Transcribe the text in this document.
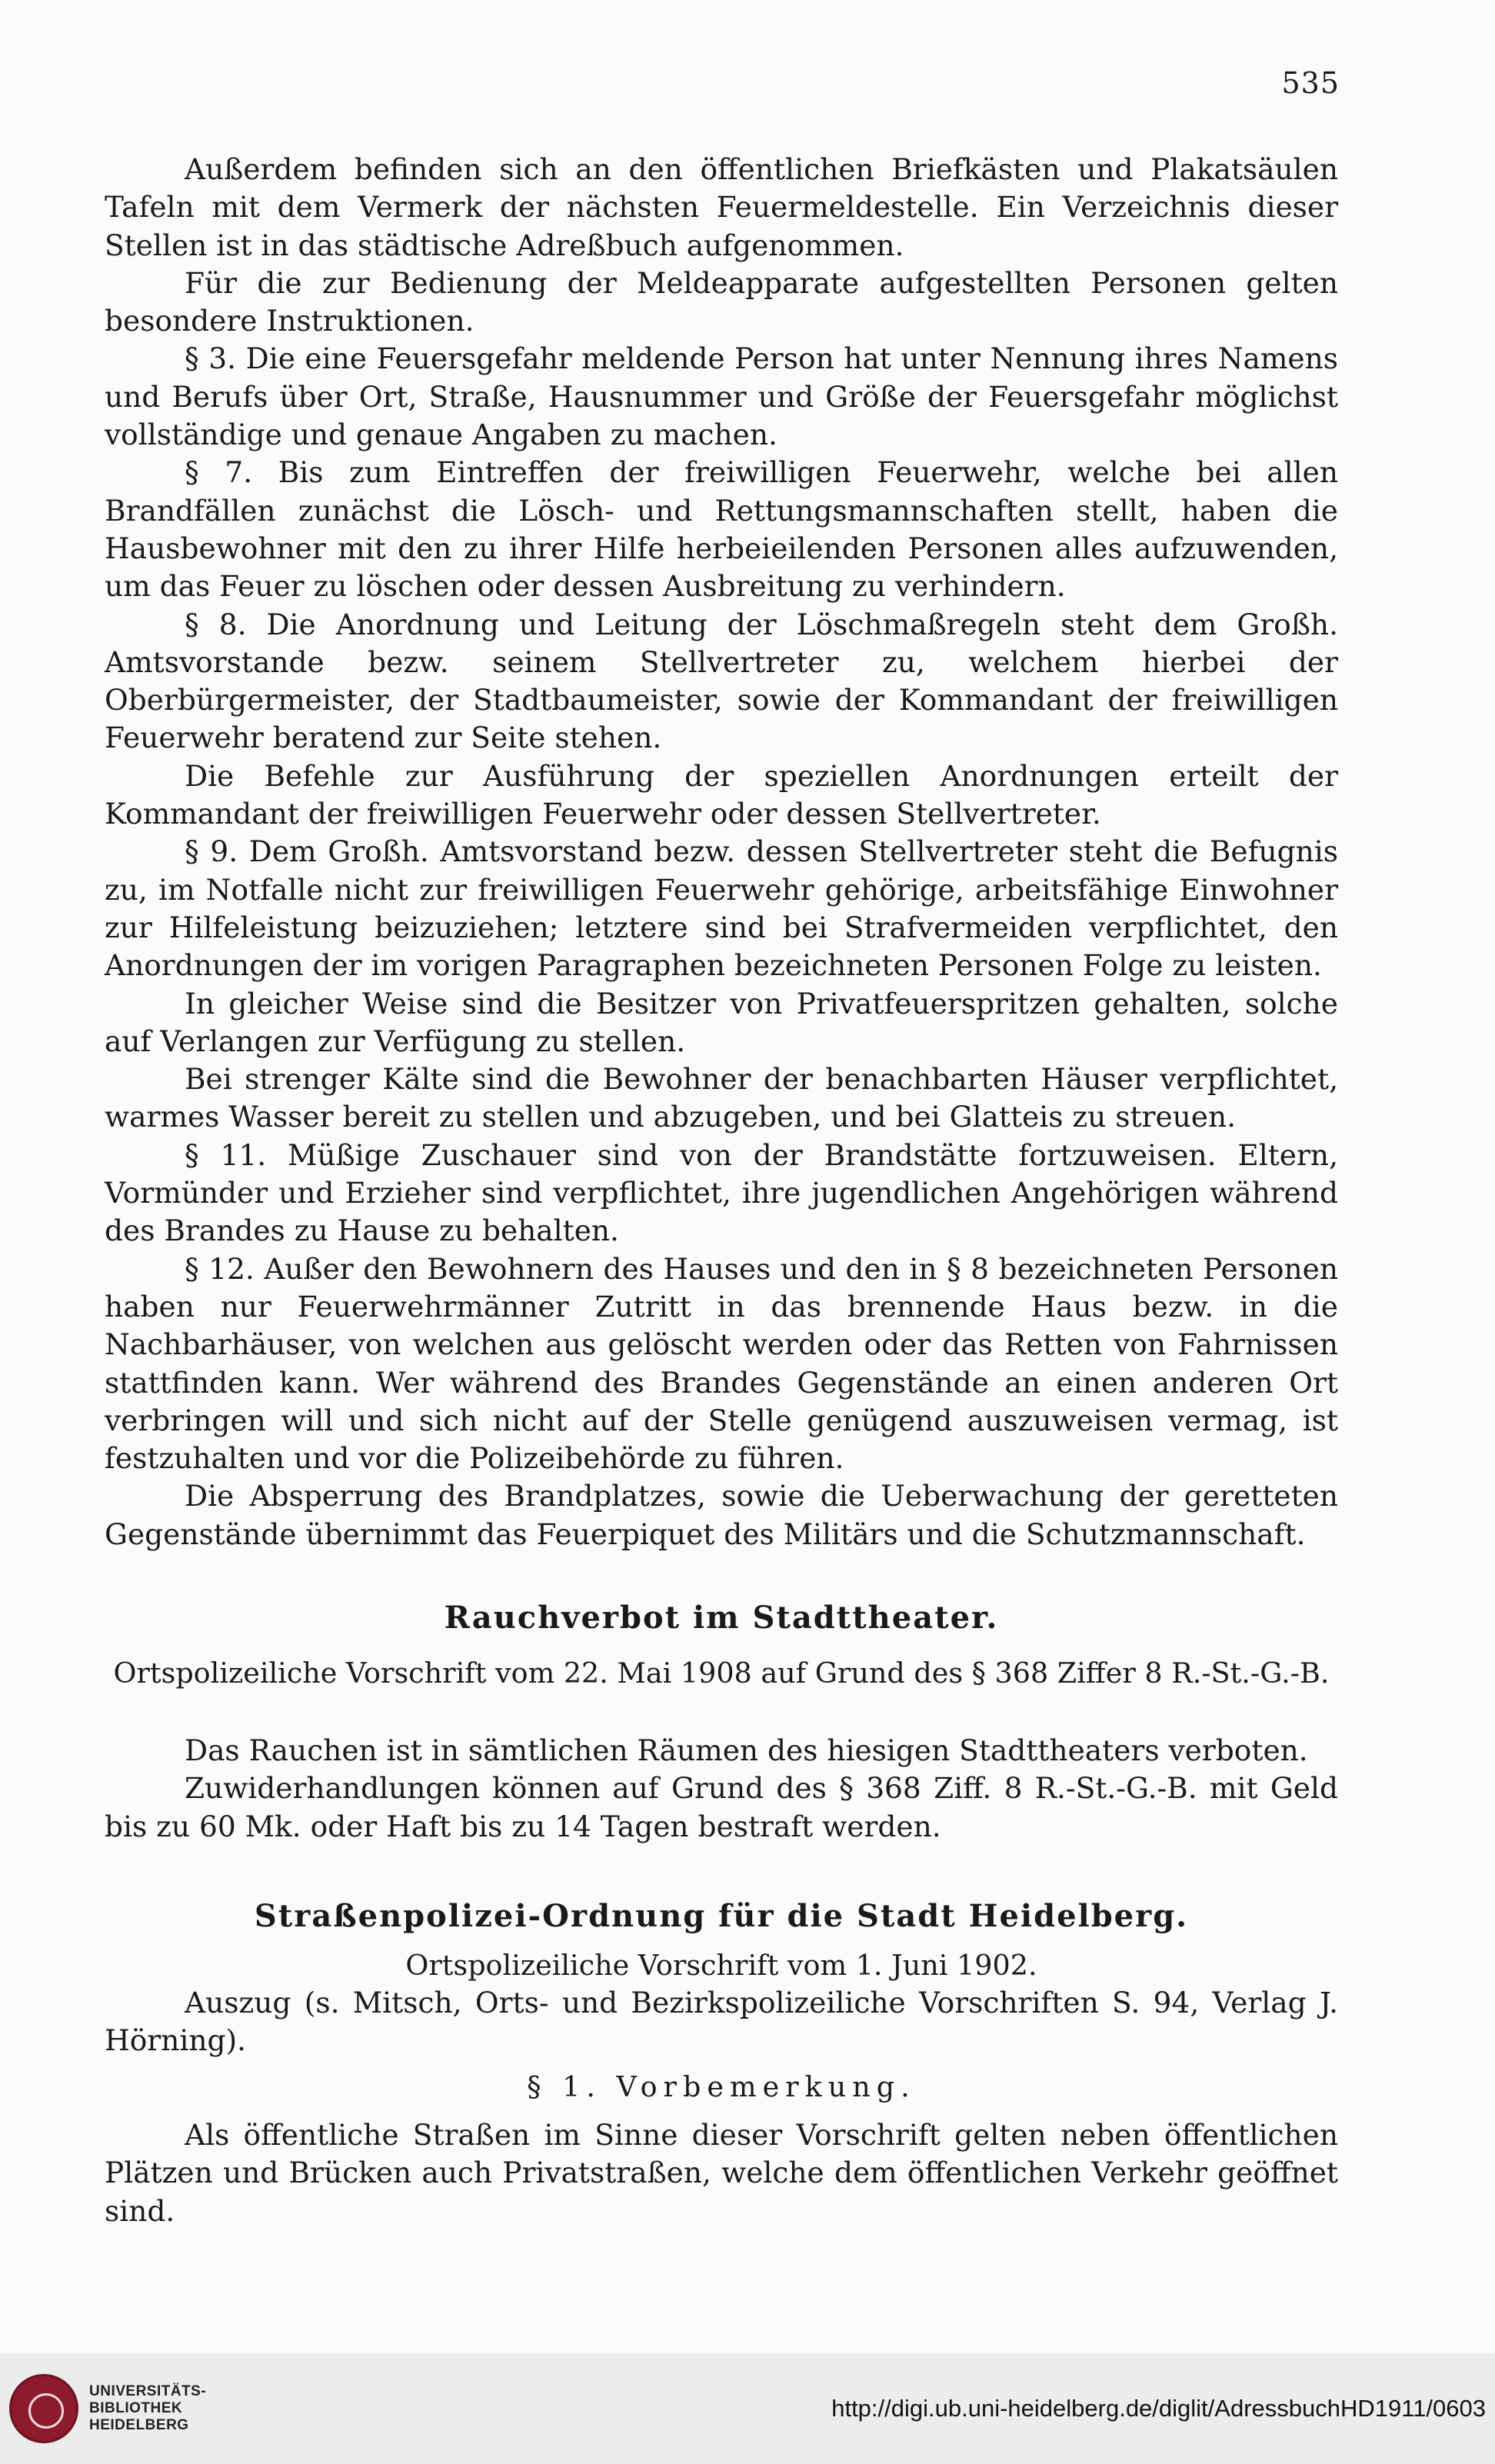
535

Außerdem befinden sich an den öffentlichen Briefkästen und Plakatsäulen Tafeln mit dem Vermerk der nächsten Feuermeldestelle. Ein Verzeichnis dieser Stellen ist in das städtische Adreßbuch aufgenommen.

Für die zur Bedienung der Meldeapparate aufgestellten Personen gelten besondere Instruktionen.

§ 3. Die eine Feuersgefahr meldende Person hat unter Nennung ihres Namens und Berufs über Ort, Straße, Hausnummer und Größe der Feuersgefahr möglichst vollständige und genaue Angaben zu machen.

§ 7. Bis zum Eintreffen der freiwilligen Feuerwehr, welche bei allen Brandfällen zunächst die Lösch- und Rettungsmannschaften stellt, haben die Hausbewohner mit den zu ihrer Hilfe herbeieilenden Personen alles aufzuwenden, um das Feuer zu löschen oder dessen Ausbreitung zu verhindern.

§ 8. Die Anordnung und Leitung der Löschmaßregeln steht dem Großh. Amtsvorstande bezw. seinem Stellvertreter zu, welchem hierbei der Oberbürgermeister, der Stadtbaumeister, sowie der Kommandant der freiwilligen Feuerwehr beratend zur Seite stehen.

Die Befehle zur Ausführung der speziellen Anordnungen erteilt der Kommandant der freiwilligen Feuerwehr oder dessen Stellvertreter.

§ 9. Dem Großh. Amtsvorstand bezw. dessen Stellvertreter steht die Befugnis zu, im Notfalle nicht zur freiwilligen Feuerwehr gehörige, arbeitsfähige Einwohner zur Hilfeleistung beizuziehen; letztere sind bei Strafvermeiden verpflichtet, den Anordnungen der im vorigen Paragraphen bezeichneten Personen Folge zu leisten.

In gleicher Weise sind die Besitzer von Privatfeuerspritzen gehalten, solche auf Verlangen zur Verfügung zu stellen.

Bei strenger Kälte sind die Bewohner der benachbarten Häuser verpflichtet, warmes Wasser bereit zu stellen und abzugeben, und bei Glatteis zu streuen.

§ 11. Müßige Zuschauer sind von der Brandstätte fortzuweisen. Eltern, Vormünder und Erzieher sind verpflichtet, ihre jugendlichen Angehörigen während des Brandes zu Hause zu behalten.

§ 12. Außer den Bewohnern des Hauses und den in § 8 bezeichneten Personen haben nur Feuerwehrmänner Zutritt in das brennende Haus bezw. in die Nachbarhäuser, von welchen aus gelöscht werden oder das Retten von Fahrnissen stattfinden kann. Wer während des Brandes Gegenstände an einen anderen Ort verbringen will und sich nicht auf der Stelle genügend auszuweisen vermag, ist festzuhalten und vor die Polizeibehörde zu führen.

Die Absperrung des Brandplatzes, sowie die Ueberwachung der geretteten Gegenstände übernimmt das Feuerpiquet des Militärs und die Schutzmannschaft.

Rauchverbot im Stadttheater.
Ortspolizeiliche Vorschrift vom 22. Mai 1908 auf Grund des § 368 Ziffer 8 R.-St.-G.-B.

Das Rauchen ist in sämtlichen Räumen des hiesigen Stadttheaters verboten.

Zuwiderhandlungen können auf Grund des § 368 Ziff. 8 R.-St.-G.-B. mit Geld bis zu 60 Mk. oder Haft bis zu 14 Tagen bestraft werden.

Straßenpolizei-Ordnung für die Stadt Heidelberg.
Ortspolizeiliche Vorschrift vom 1. Juni 1902.

Auszug (s. Mitsch, Orts- und Bezirkspolizeiliche Vorschriften S. 94, Verlag J. Hörning).

§ 1. Vorbemerkung.

Als öffentliche Straßen im Sinne dieser Vorschrift gelten neben öffentlichen Plätzen und Brücken auch Privatstraßen, welche dem öffentlichen Verkehr geöffnet sind.

UNIVERSITÄTS-
BIBLIOTHEK
HEIDELBERG
http://digi.ub.uni-heidelberg.de/diglit/AdressbuchHD1911/0603
